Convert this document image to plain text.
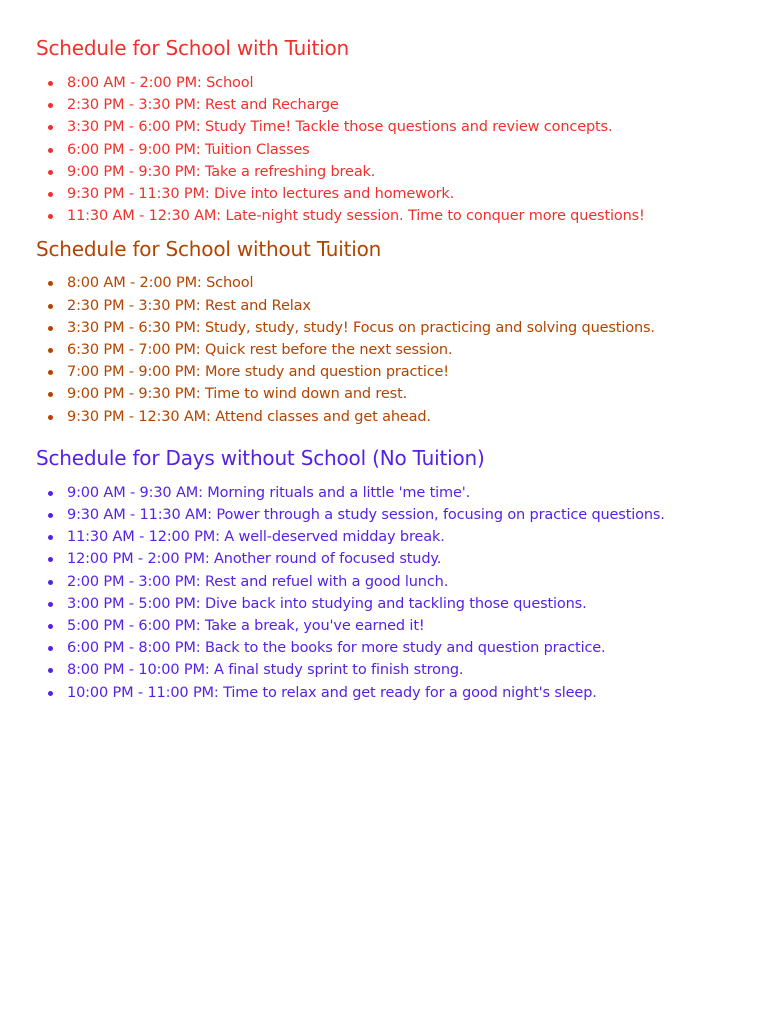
Schedule for School with Tuition
8:00 AM - 2:00 PM: School
2:30 PM - 3:30 PM: Rest and Recharge
3:30 PM - 6:00 PM: Study Time! Tackle those questions and review concepts.
6:00 PM - 9:00 PM: Tuition Classes
9:00 PM - 9:30 PM: Take a refreshing break.
9:30 PM - 11:30 PM: Dive into lectures and homework.
11:30 AM - 12:30 AM: Late-night study session. Time to conquer more questions!
Schedule for School without Tuition
8:00 AM - 2:00 PM: School
2:30 PM - 3:30 PM: Rest and Relax
3:30 PM - 6:30 PM: Study, study, study! Focus on practicing and solving questions.
6:30 PM - 7:00 PM: Quick rest before the next session.
7:00 PM - 9:00 PM: More study and question practice!
9:00 PM - 9:30 PM: Time to wind down and rest.
9:30 PM - 12:30 AM: Attend classes and get ahead.
Schedule for Days without School (No Tuition)
9:00 AM - 9:30 AM: Morning rituals and a little 'me time'.
9:30 AM - 11:30 AM: Power through a study session, focusing on practice questions.
11:30 AM - 12:00 PM: A well-deserved midday break.
12:00 PM - 2:00 PM: Another round of focused study.
2:00 PM - 3:00 PM: Rest and refuel with a good lunch.
3:00 PM - 5:00 PM: Dive back into studying and tackling those questions.
5:00 PM - 6:00 PM: Take a break, you've earned it!
6:00 PM - 8:00 PM: Back to the books for more study and question practice.
8:00 PM - 10:00 PM: A final study sprint to finish strong.
10:00 PM - 11:00 PM: Time to relax and get ready for a good night's sleep.
